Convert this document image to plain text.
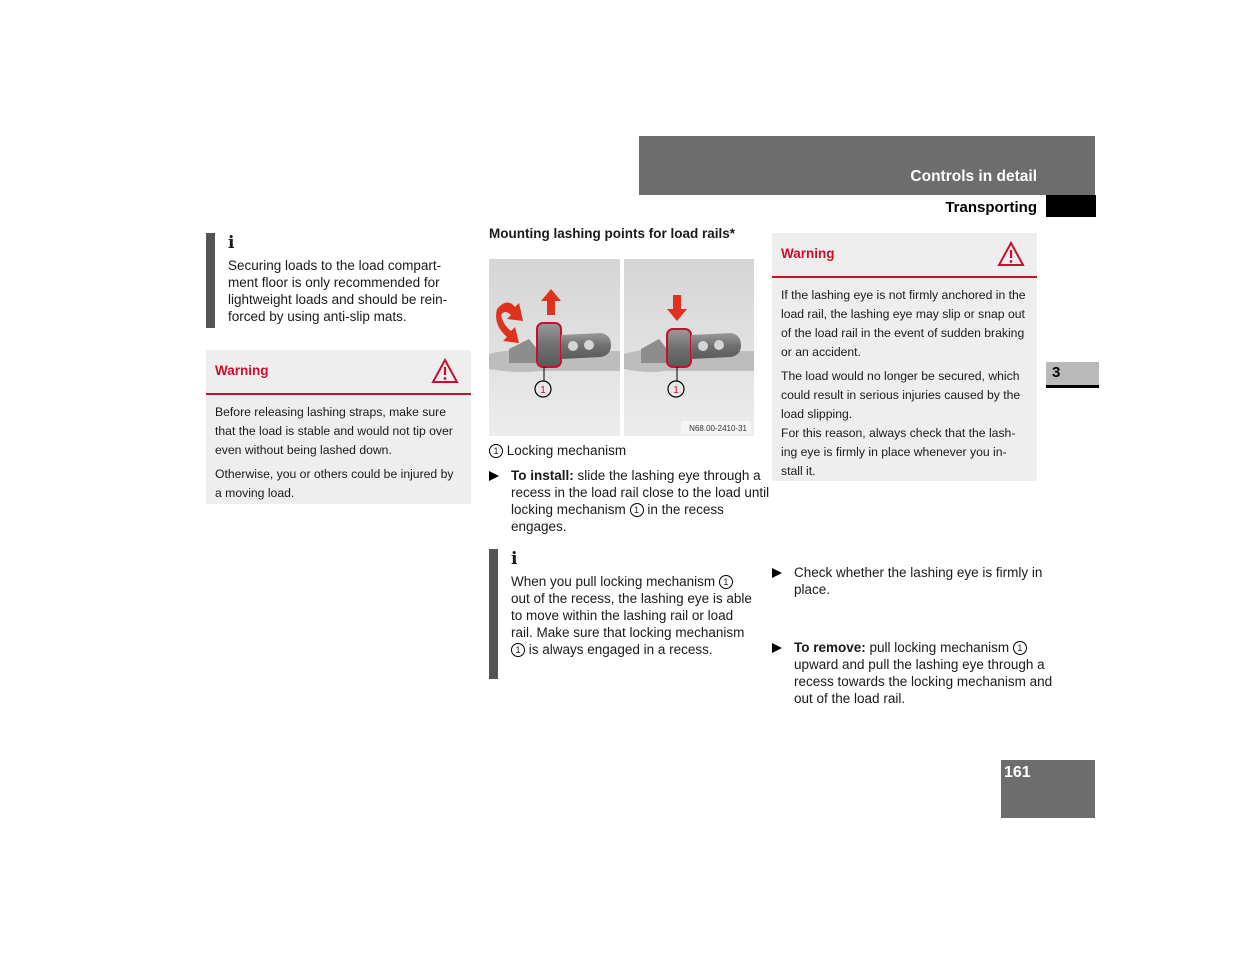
Controls in detail
Transporting
3
161
i
Securing loads to the load compart-ment floor is only recommended for lightweight loads and should be rein-forced by using anti-slip mats.
Warning

Before releasing lashing straps, make sure that the load is stable and would not tip over even without being lashed down.

Otherwise, you or others could be injured by a moving load.

Mounting lashing points for load rails*
1	1
N68.00-2410-31
1 Locking mechanism
To install: slide the lashing eye through a recess in the load rail close to the load until locking mechanism 1 in the recess engages.
i
When you pull locking mechanism 1 out of the recess, the lashing eye is able to move within the lashing rail or load rail. Make sure that locking mechanism 1 is always engaged in a recess.
Warning

If the lashing eye is not firmly anchored in the load rail, the lashing eye may slip or snap out of the load rail in the event of sudden braking or an accident.

The load would no longer be secured, which could result in serious injuries caused by the load slipping.

For this reason, always check that the lash-ing eye is firmly in place whenever you in-stall it.

Check whether the lashing eye is firmly in place.
To remove: pull locking mechanism 1 upward and pull the lashing eye through a recess towards the locking mechanism and out of the load rail.
